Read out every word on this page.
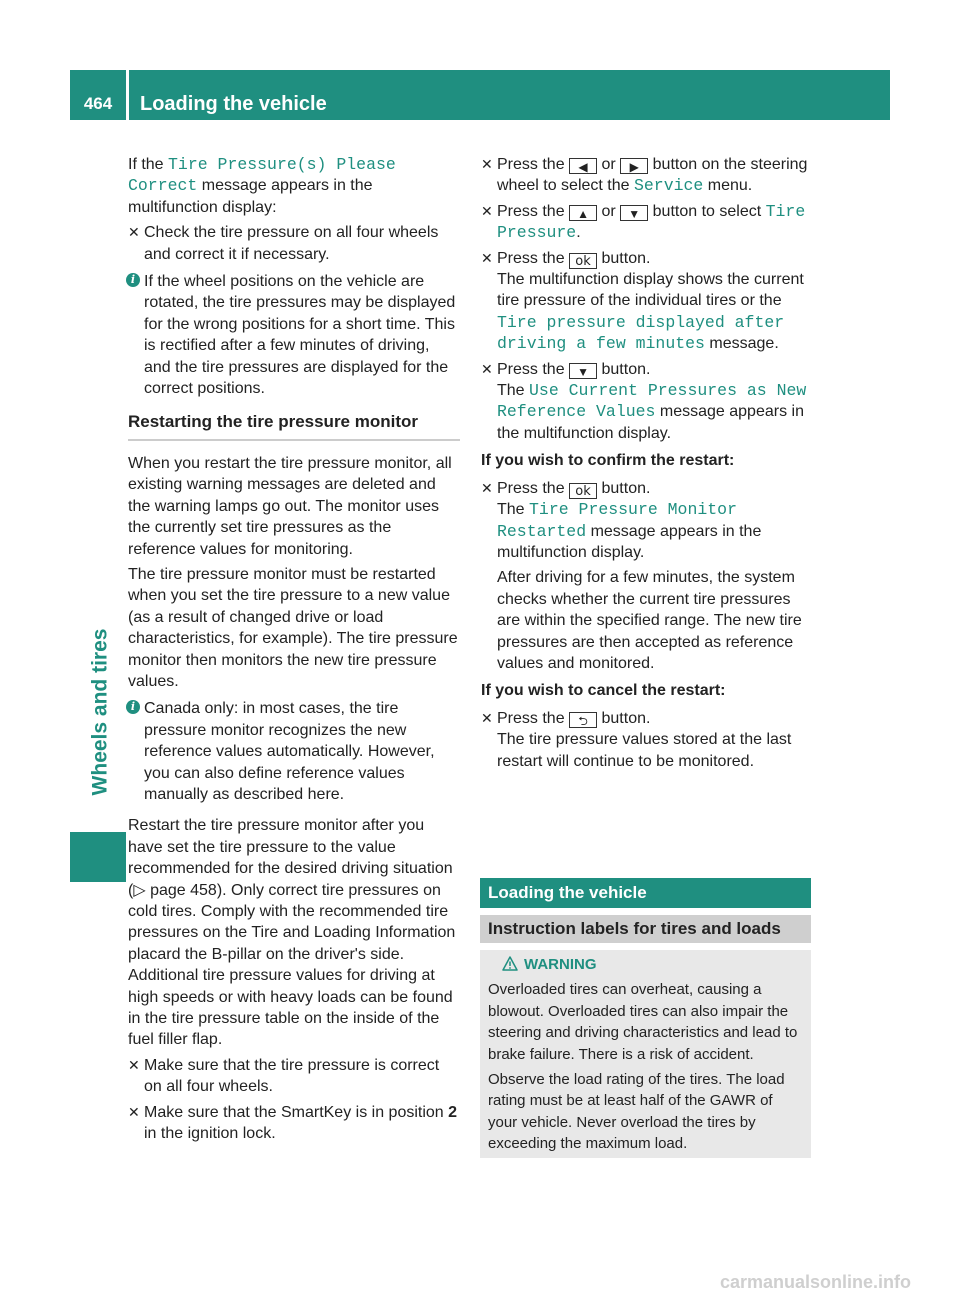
464	Loading the vehicle
Wheels and tires

If the Tire Pressure(s) Please Correct message appears in the multifunction display:

✕ Check the tire pressure on all four wheels and correct it if necessary.
i If the wheel positions on the vehicle are rotated, the tire pressures may be displayed for the wrong positions for a short time. This is rectified after a few minutes of driving, and the tire pressures are displayed for the correct positions.
Restarting the tire pressure monitor

When you restart the tire pressure monitor, all existing warning messages are deleted and the warning lamps go out. The monitor uses the currently set tire pressures as the reference values for monitoring.

The tire pressure monitor must be restarted when you set the tire pressure to a new value (as a result of changed drive or load characteristics, for example). The tire pressure monitor then monitors the new tire pressure values.

i Canada only: in most cases, the tire pressure monitor recognizes the new reference values automatically. However, you can also define reference values manually as described here.

Restart the tire pressure monitor after you have set the tire pressure to the value recommended for the desired driving situation (▷ page 458). Only correct tire pressures on cold tires. Comply with the recommended tire pressures on the Tire and Loading Information placard the B-pillar on the driver's side. Additional tire pressure values for driving at high speeds or with heavy loads can be found in the tire pressure table on the inside of the fuel filler flap.

✕ Make sure that the tire pressure is correct on all four wheels.
✕ Make sure that the SmartKey is in position 2 in the ignition lock.
✕ Press the ◀ or ▶ button on the steering wheel to select the Service menu.
✕ Press the ▲ or ▼ button to select Tire Pressure.
✕ Press the ok button.
The multifunction display shows the current tire pressure of the individual tires or the Tire pressure displayed after driving a few minutes message.
✕ Press the ▼ button.
The Use Current Pressures as New Reference Values message appears in the multifunction display.
If you wish to confirm the restart:
✕ Press the ok button.
The Tire Pressure Monitor Restarted message appears in the multifunction display.
After driving for a few minutes, the system checks whether the current tire pressures are within the specified range. The new tire pressures are then accepted as reference values and monitored.
If you wish to cancel the restart:
✕ Press the ⮌ button.
The tire pressure values stored at the last restart will continue to be monitored.
Loading the vehicle
Instruction labels for tires and loads
WARNING

Overloaded tires can overheat, causing a blowout. Overloaded tires can also impair the steering and driving characteristics and lead to brake failure. There is a risk of accident.

Observe the load rating of the tires. The load rating must be at least half of the GAWR of your vehicle. Never overload the tires by exceeding the maximum load.

carmanualsonline.info
